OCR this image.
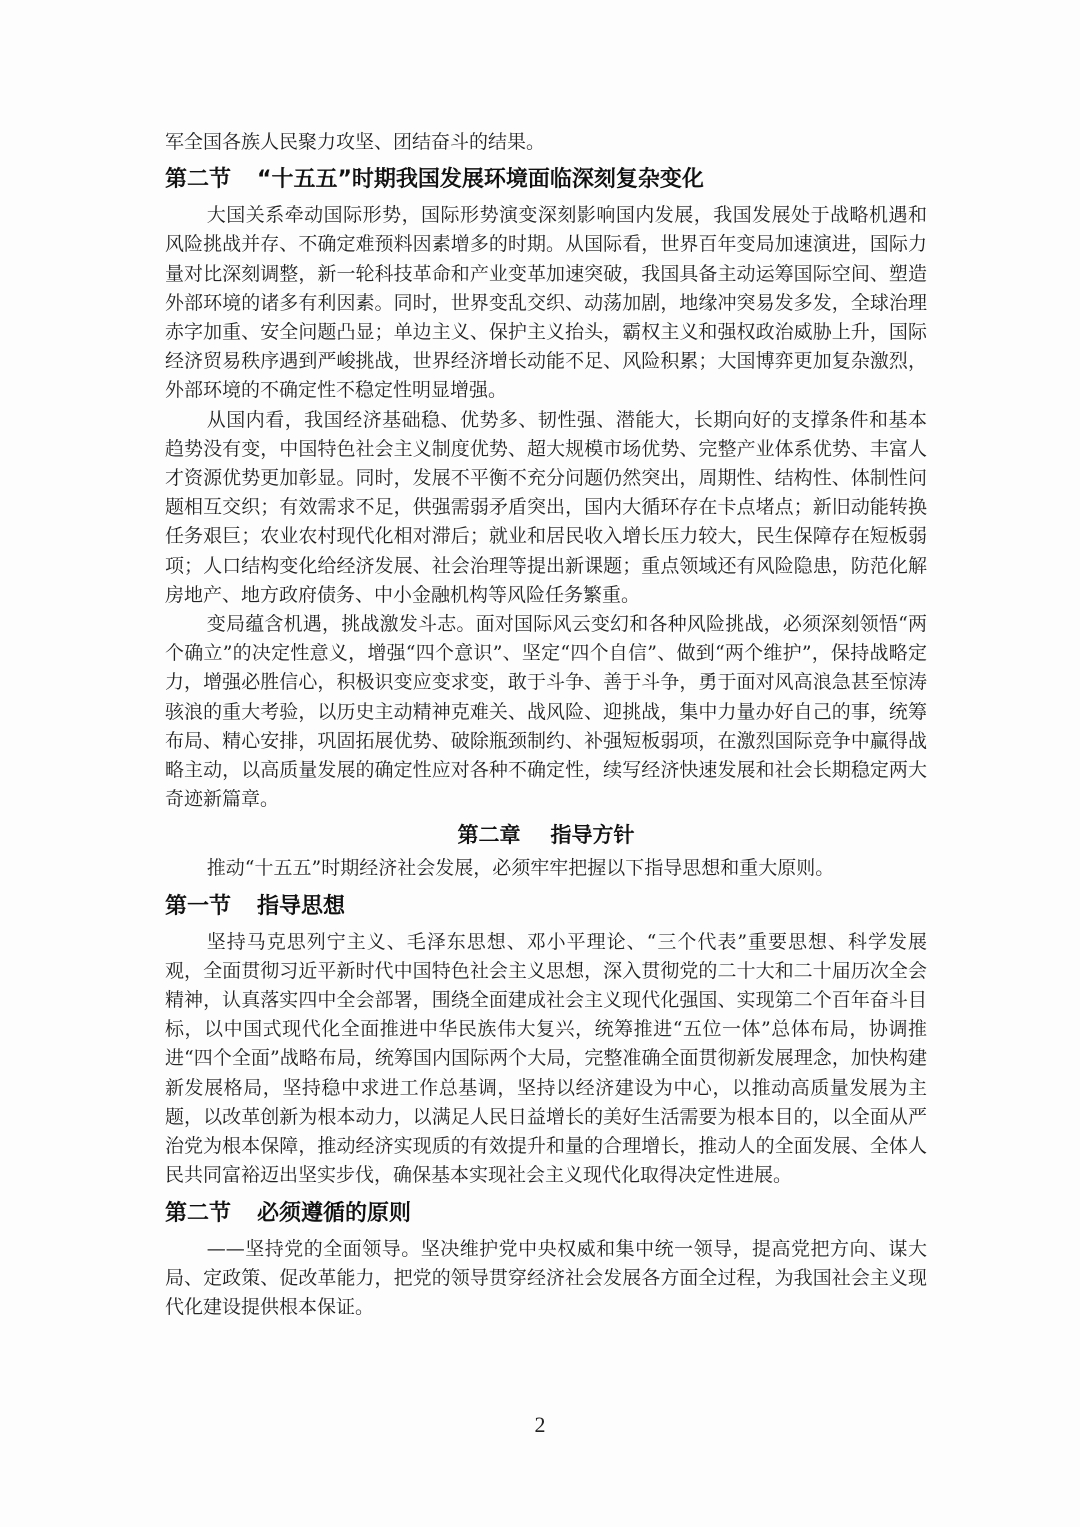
军全国各族人民聚力攻坚、团结奋斗的结果。

第二节 “十五五”时期我国发展环境面临深刻复杂变化

大国关系牵动国际形势，国际形势演变深刻影响国内发展，我国发展处于战略机遇和风险挑战并存、不确定难预料因素增多的时期。从国际看，世界百年变局加速演进，国际力量对比深刻调整，新一轮科技革命和产业变革加速突破，我国具备主动运筹国际空间、塑造外部环境的诸多有利因素。同时，世界变乱交织、动荡加剧，地缘冲突易发多发，全球治理赤字加重、安全问题凸显；单边主义、保护主义抬头，霸权主义和强权政治威胁上升，国际经济贸易秩序遇到严峻挑战，世界经济增长动能不足、风险积累；大国博弈更加复杂激烈，外部环境的不确定性不稳定性明显增强。

从国内看，我国经济基础稳、优势多、韧性强、潜能大，长期向好的支撑条件和基本趋势没有变，中国特色社会主义制度优势、超大规模市场优势、完整产业体系优势、丰富人才资源优势更加彰显。同时，发展不平衡不充分问题仍然突出，周期性、结构性、体制性问题相互交织；有效需求不足，供强需弱矛盾突出，国内大循环存在卡点堵点；新旧动能转换任务艰巨；农业农村现代化相对滞后；就业和居民收入增长压力较大，民生保障存在短板弱项；人口结构变化给经济发展、社会治理等提出新课题；重点领域还有风险隐患，防范化解房地产、地方政府债务、中小金融机构等风险任务繁重。

变局蕴含机遇，挑战激发斗志。面对国际风云变幻和各种风险挑战，必须深刻领悟“两个确立”的决定性意义，增强“四个意识”、坚定“四个自信”、做到“两个维护”，保持战略定力，增强必胜信心，积极识变应变求变，敢于斗争、善于斗争，勇于面对风高浪急甚至惊涛骇浪的重大考验，以历史主动精神克难关、战风险、迎挑战，集中力量办好自己的事，统筹布局、精心安排，巩固拓展优势、破除瓶颈制约、补强短板弱项，在激烈国际竞争中赢得战略主动，以高质量发展的确定性应对各种不确定性，续写经济快速发展和社会长期稳定两大奇迹新篇章。

第二章 指导方针

推动“十五五”时期经济社会发展，必须牢牢把握以下指导思想和重大原则。

第一节 指导思想

坚持马克思列宁主义、毛泽东思想、邓小平理论、“三个代表”重要思想、科学发展观，全面贯彻习近平新时代中国特色社会主义思想，深入贯彻党的二十大和二十届历次全会精神，认真落实四中全会部署，围绕全面建成社会主义现代化强国、实现第二个百年奋斗目标，以中国式现代化全面推进中华民族伟大复兴，统筹推进“五位一体”总体布局，协调推进“四个全面”战略布局，统筹国内国际两个大局，完整准确全面贯彻新发展理念，加快构建新发展格局，坚持稳中求进工作总基调，坚持以经济建设为中心，以推动高质量发展为主题，以改革创新为根本动力，以满足人民日益增长的美好生活需要为根本目的，以全面从严治党为根本保障，推动经济实现质的有效提升和量的合理增长，推动人的全面发展、全体人民共同富裕迈出坚实步伐，确保基本实现社会主义现代化取得决定性进展。

第二节 必须遵循的原则

——坚持党的全面领导。坚决维护党中央权威和集中统一领导，提高党把方向、谋大局、定政策、促改革能力，把党的领导贯穿经济社会发展各方面全过程，为我国社会主义现代化建设提供根本保证。

2
